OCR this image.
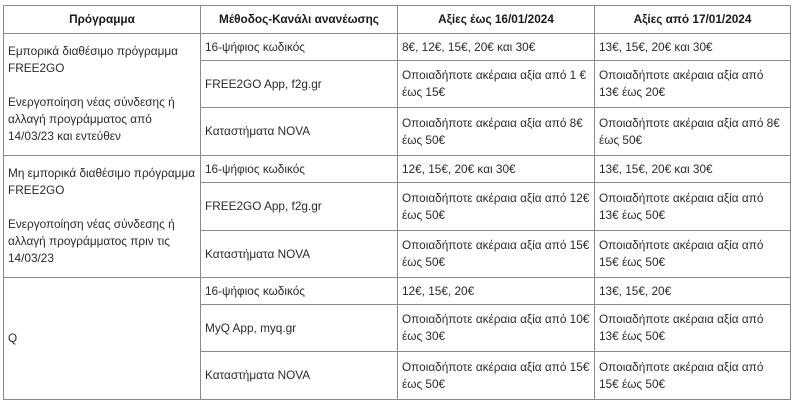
Πρόγραμμα	Μέθοδος-Κανάλι ανανέωσης	Αξίες έως 16/01/2024	Αξίες από 17/01/2024

Εμπορικά διαθέσιμο πρόγραμμα FREE2GO
Ενεργοποίηση νέας σύνδεσης ή αλλαγή προγράμματος από 14/03/23 και εντεύθεν	16-ψήφιος κωδικός	8€, 12€, 15€, 20€ και 30€	13€, 15€, 20€ και 30€
	FREE2GO App, f2g.gr	Οποιαδήποτε ακέραια αξία από 1 € έως 15€	Οποιαδήποτε ακέραια αξία από 13€ έως 20€
	Καταστήματα NOVA	Οποιαδήποτε ακέραια αξία από 8€ έως 50€	Οποιαδήποτε ακέραια αξία από 8€ έως 50€

Μη εμπορικά διαθέσιμο πρόγραμμα FREE2GO
Ενεργοποίηση νέας σύνδεσης ή αλλαγή προγράμματος πριν τις 14/03/23	16-ψήφιος κωδικός	12€, 15€, 20€ και 30€	13€, 15€, 20€ και 30€
	FREE2GO App, f2g.gr	Οποιαδήποτε ακέραια αξία από 12€ έως 50€	Οποιαδήποτε ακέραια αξία από 13€ έως 50€
	Καταστήματα NOVA	Οποιαδήποτε ακέραια αξία από 15€ έως 50€	Οποιαδήποτε ακέραια αξία από 15€ έως 50€

Q	16-ψήφιος κωδικός	12€, 15€, 20€	13€, 15€, 20€
	MyQ App, myq.gr	Οποιαδήποτε ακέραια αξία από 10€ έως 30€	Οποιαδήποτε ακέραια αξία από 13€ έως 50€
	Καταστήματα NOVA	Οποιαδήποτε ακέραια αξία από 15€ έως 50€	Οποιαδήποτε ακέραια αξία από 15€ έως 50€
